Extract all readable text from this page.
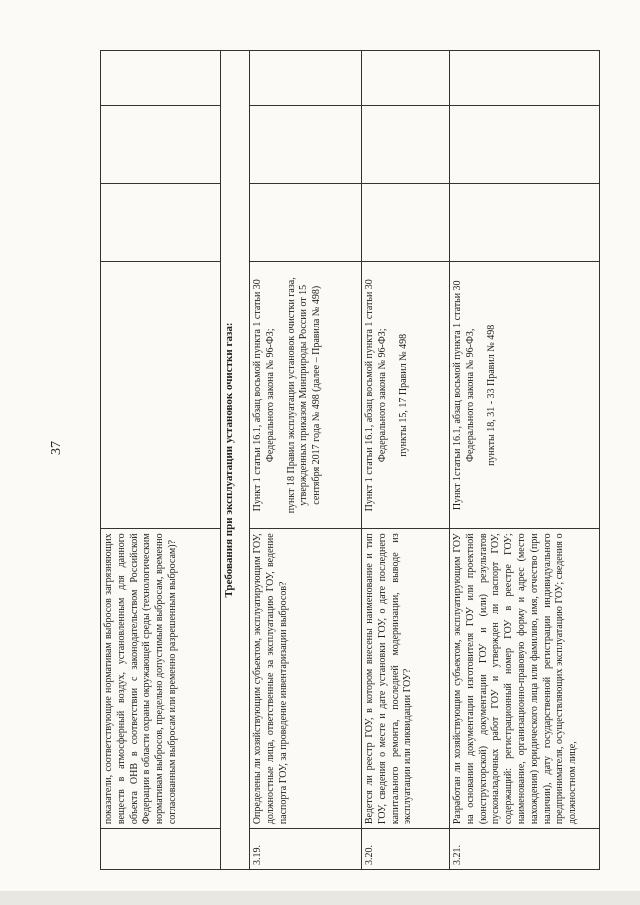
37
	показатели, соответствующие нормативам выбросов загрязняющих веществ в атмосферный воздух, установленным для данного объекта ОНВ в соответствии с законодательством Российской Федерации в области охраны окружающей среды (технологическим нормативам выбросов, предельно допустимым выбросам, временно согласованным выбросам или временно разрешенным выбросам)?	

Требования при эксплуатации установок очистки газа:					
3.19.	Определены ли хозяйствующим субъектом, эксплуатирующим ГОУ, должностные лица, ответственные за эксплуатацию ГОУ, ведение паспорта ГОУ, за проведение инвентаризации выбросов?	Пункт 1 статьи 16.1, абзац восьмой пункта 1 статьи 30 Федерального закона № 96-ФЗ; пункт 18 Правил эксплуатации установок очистки газа, утвержденных приказом Минприроды России от 15 сентября 2017 года № 498 (далее – Правила № 498)			

3.20.	Ведется ли реестр ГОУ, в котором внесены наименование и тип ГОУ, сведения о месте и дате установки ГОУ, о дате последнего капитального ремонта, последней модернизации, выводе из эксплуатации или ликвидации ГОУ?	Пункт 1 статьи 16.1, абзац восьмой пункта 1 статьи 30 Федерального закона № 96-ФЗ; пункты 15, 17 Правил № 498			

3.21.	Разработан ли хозяйствующим субъектом, эксплуатирующим ГОУ на основании документации изготовителя ГОУ или проектной (конструкторской) документации ГОУ и (или) результатов пусконаладочных работ ГОУ и утвержден ли паспорт ГОУ, содержащий: регистрационный номер ГОУ в реестре ГОУ; наименование, организационно-правовую форму и адрес (место нахождения) юридического лица или фамилию, имя, отчество (при наличии), дату государственной регистрации индивидуального предпринимателя, осуществляющих эксплуатацию ГОУ; сведения о должностном лице,	Пункт 1статьи 16.1, абзац восьмой пункта 1 статьи 30 Федерального закона № 96-ФЗ, пункты 18, 31 - 33 Правил № 498			
